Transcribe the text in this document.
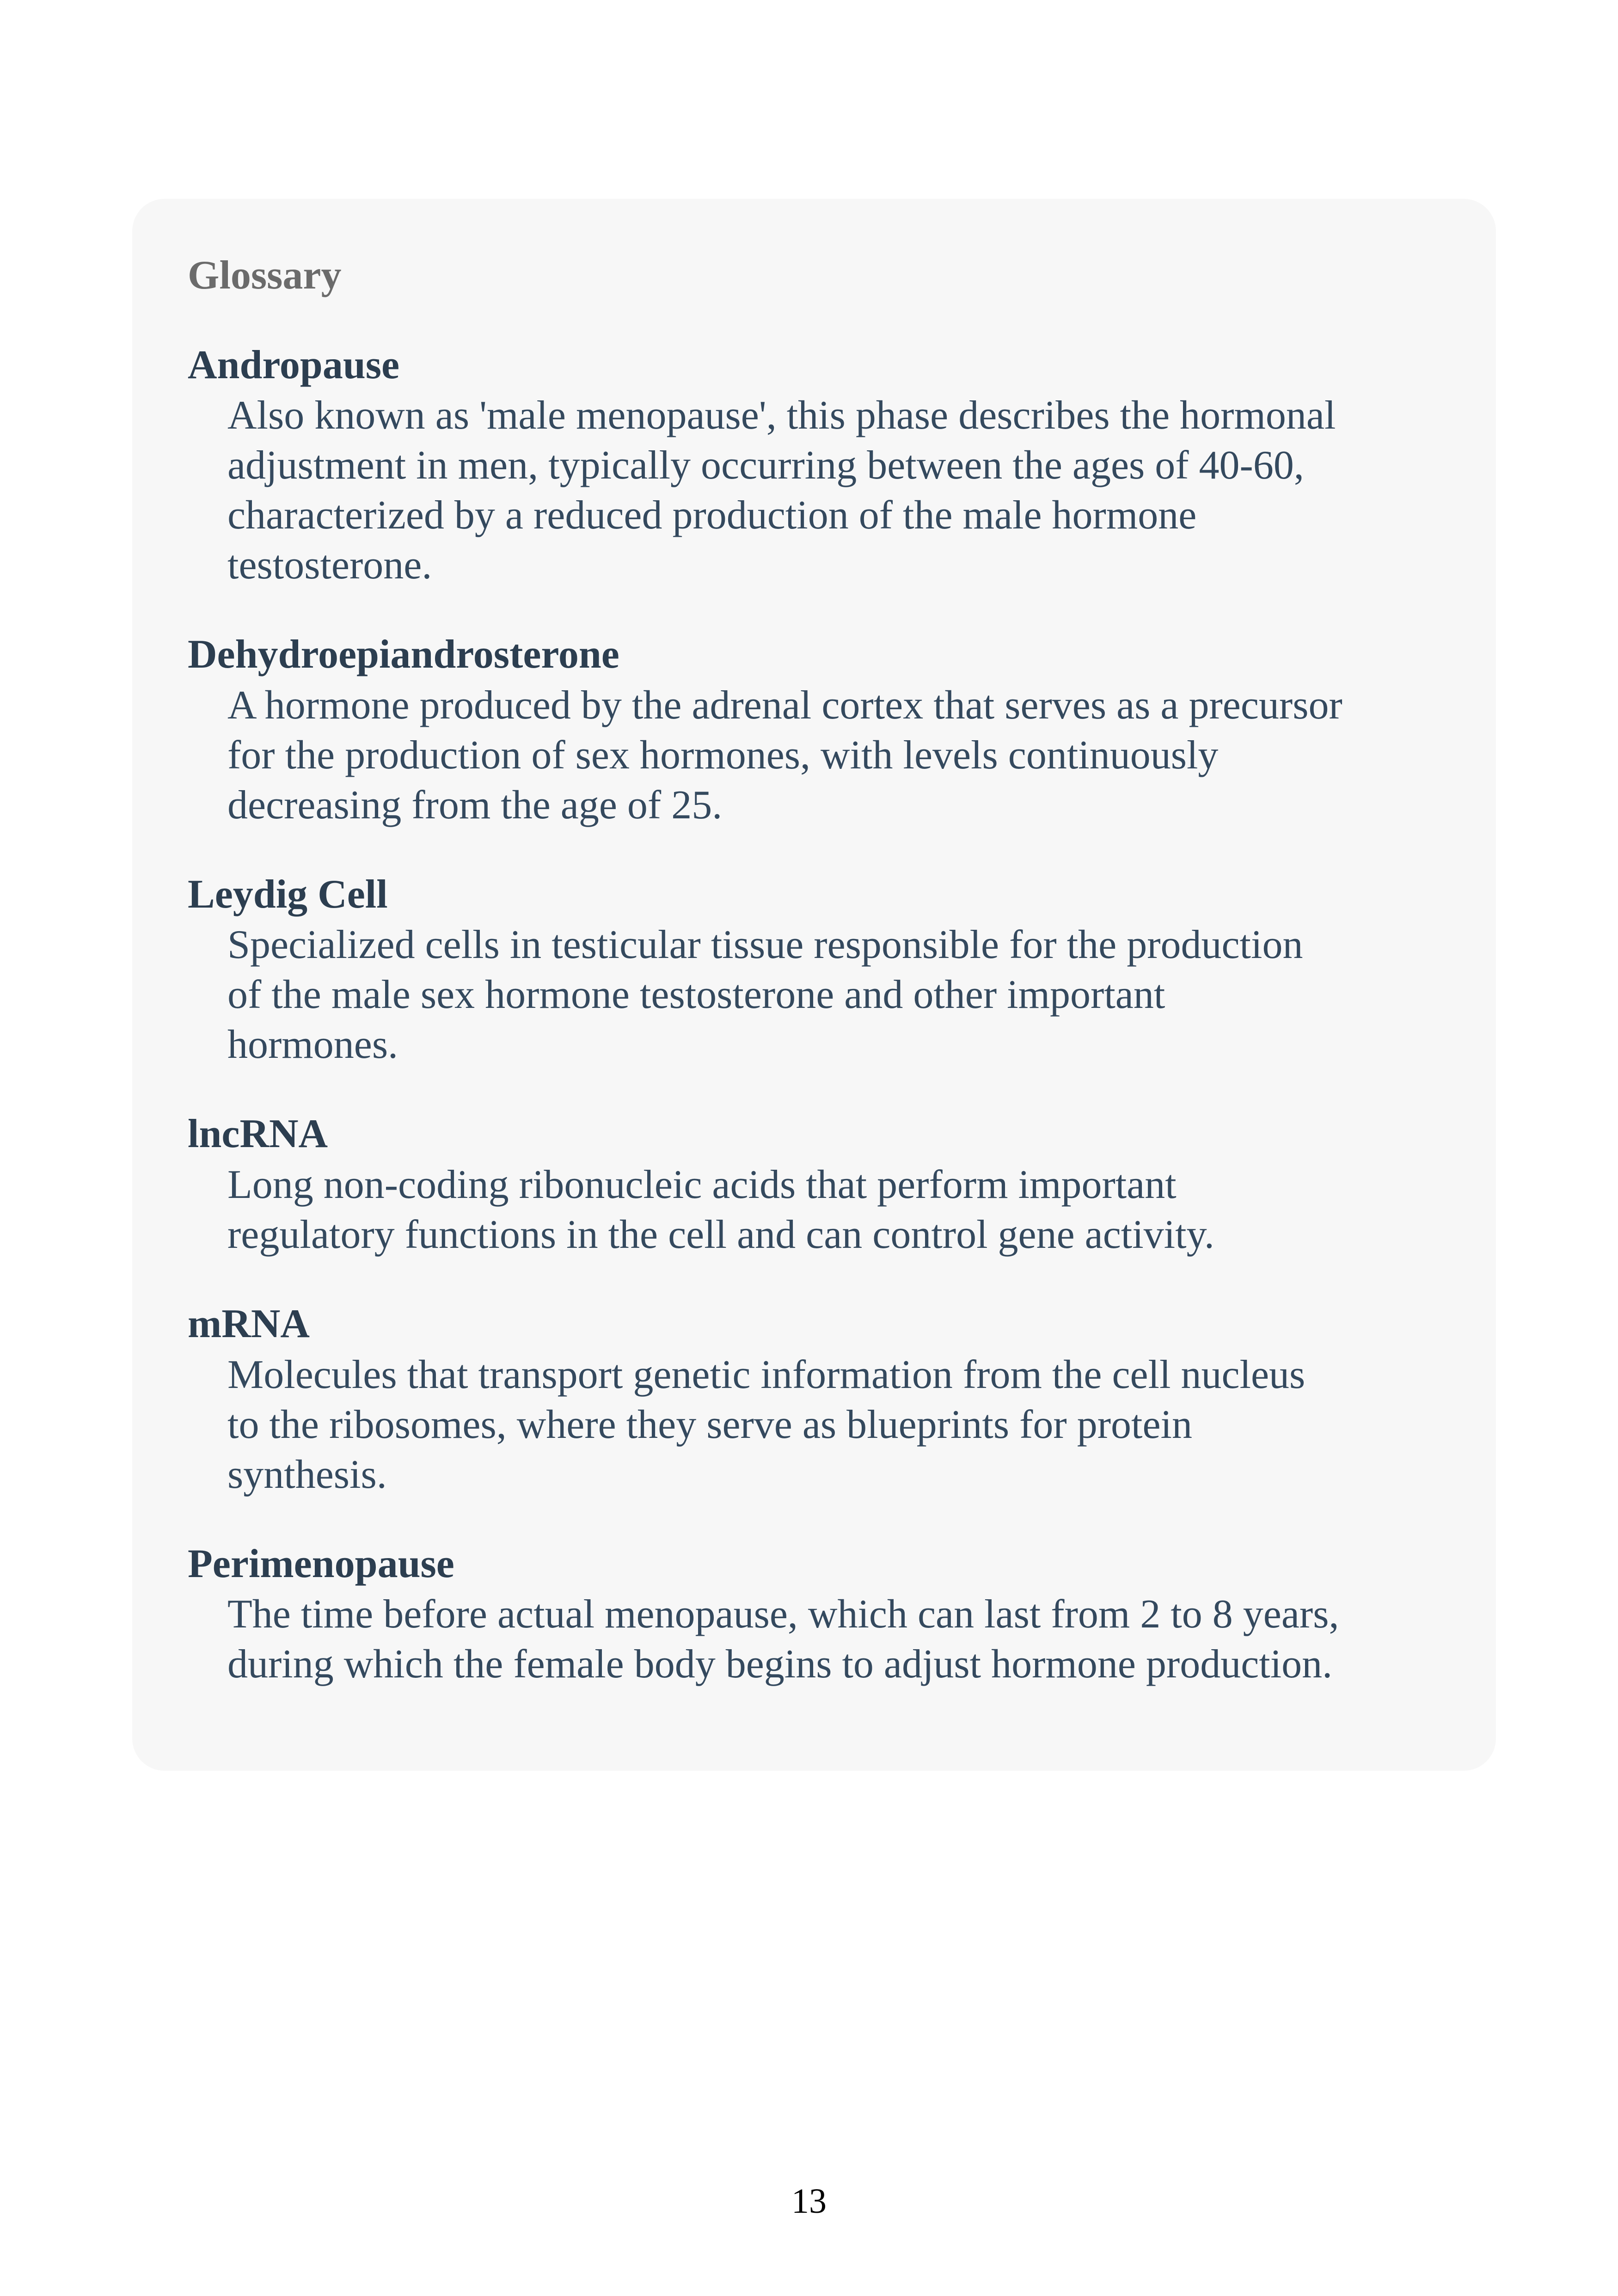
Glossary
Andropause
Also known as 'male menopause', this phase describes the hormonal
adjustment in men, typically occurring between the ages of 40-60,
characterized by a reduced production of the male hormone
testosterone.
Dehydroepiandrosterone
A hormone produced by the adrenal cortex that serves as a precursor
for the production of sex hormones, with levels continuously
decreasing from the age of 25.
Leydig Cell
Specialized cells in testicular tissue responsible for the production
of the male sex hormone testosterone and other important
hormones.
lncRNA
Long non-coding ribonucleic acids that perform important
regulatory functions in the cell and can control gene activity.
mRNA
Molecules that transport genetic information from the cell nucleus
to the ribosomes, where they serve as blueprints for protein
synthesis.
Perimenopause
The time before actual menopause, which can last from 2 to 8 years,
during which the female body begins to adjust hormone production.
13
